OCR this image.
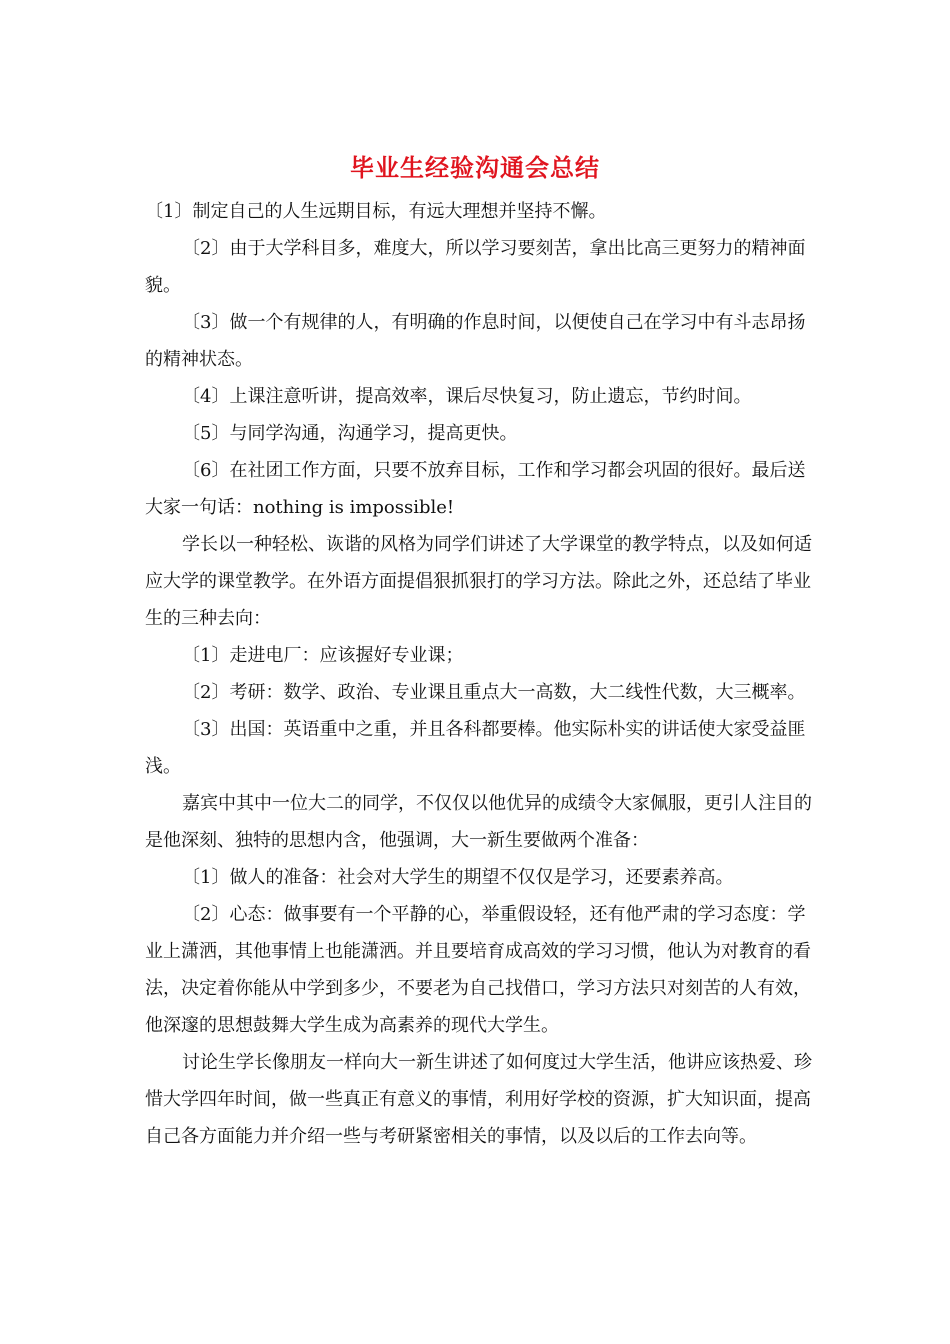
毕业生经验沟通会总结

〔1〕制定自己的人生远期目标，有远大理想并坚持不懈。

〔2〕由于大学科目多，难度大，所以学习要刻苦，拿出比高三更努力的精神面貌。

〔3〕做一个有规律的人，有明确的作息时间，以便使自己在学习中有斗志昂扬的精神状态。

〔4〕上课注意听讲，提高效率，课后尽快复习，防止遗忘，节约时间。

〔5〕与同学沟通，沟通学习，提高更快。

〔6〕在社团工作方面，只要不放弃目标，工作和学习都会巩固的很好。最后送大家一句话：nothing is impossible!

学长以一种轻松、诙谐的风格为同学们讲述了大学课堂的教学特点，以及如何适应大学的课堂教学。在外语方面提倡狠抓狠打的学习方法。除此之外，还总结了毕业生的三种去向：

〔1〕走进电厂：应该握好专业课；

〔2〕考研：数学、政治、专业课且重点大一高数，大二线性代数，大三概率。

〔3〕出国：英语重中之重，并且各科都要棒。他实际朴实的讲话使大家受益匪浅。

嘉宾中其中一位大二的同学，不仅仅以他优异的成绩令大家佩服，更引人注目的是他深刻、独特的思想内含，他强调，大一新生要做两个准备：

〔1〕做人的准备：社会对大学生的期望不仅仅是学习，还要素养高。

〔2〕心态：做事要有一个平静的心，举重假设轻，还有他严肃的学习态度：学业上潇洒，其他事情上也能潇洒。并且要培育成高效的学习习惯，他认为对教育的看法，决定着你能从中学到多少，不要老为自己找借口，学习方法只对刻苦的人有效，他深邃的思想鼓舞大学生成为高素养的现代大学生。

讨论生学长像朋友一样向大一新生讲述了如何度过大学生活，他讲应该热爱、珍惜大学四年时间，做一些真正有意义的事情，利用好学校的资源，扩大知识面，提高自己各方面能力并介绍一些与考研紧密相关的事情，以及以后的工作去向等。
